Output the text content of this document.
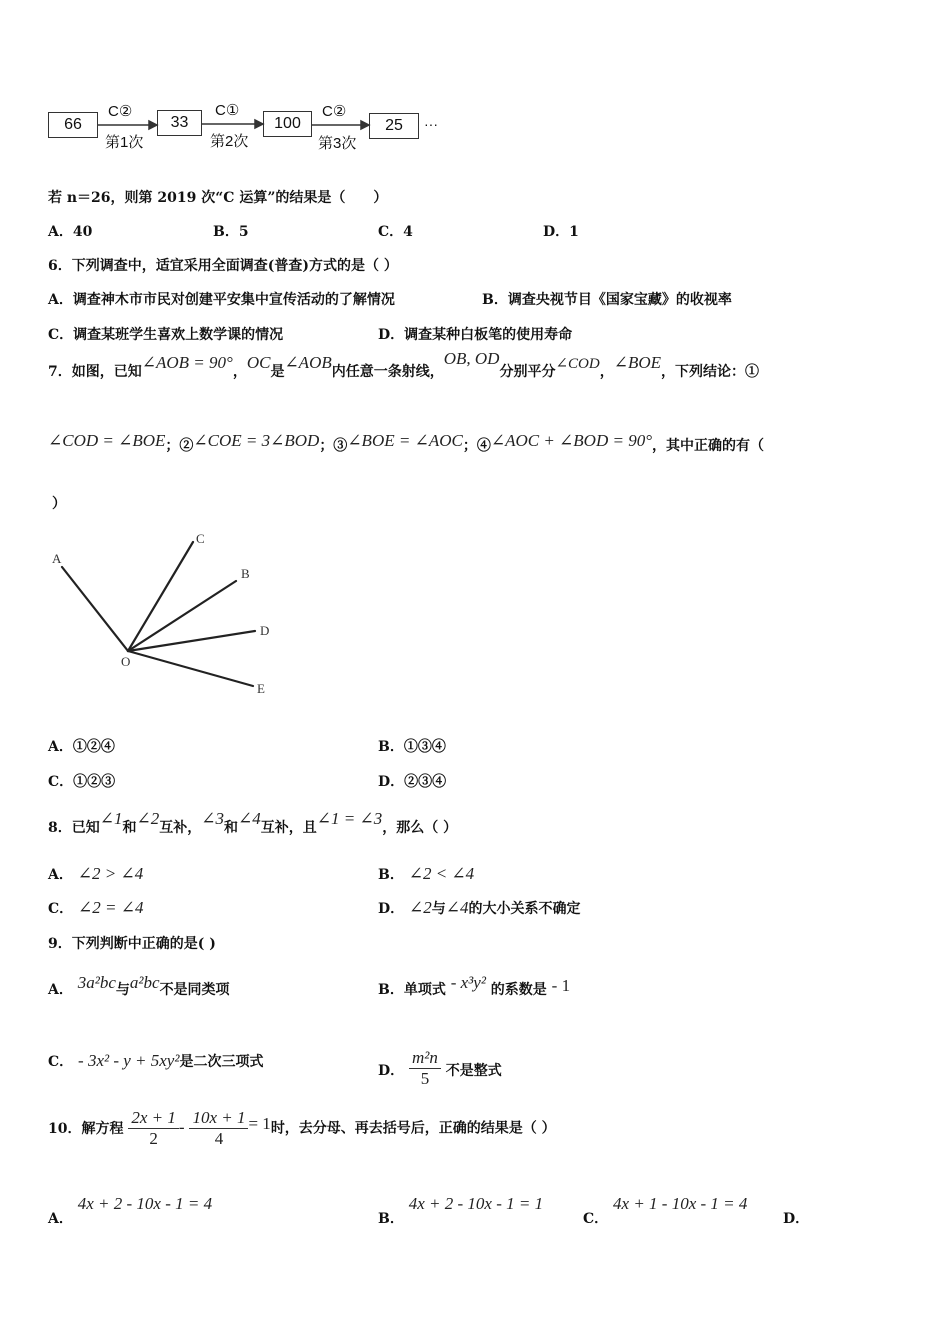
66	33	100	25
C②	C①	C②
第1次	第2次	第3次
···
若 n＝26，则第 2019 次“C 运算”的结果是（　　）
A．40	B．5	C．4	D．1
6．下列调查中，适宜采用全面调查(普查)方式的是（ ）
A．调查神木市市民对创建平安集中宣传活动的了解情况	B．调查央视节目《国家宝藏》的收视率
C．调查某班学生喜欢上数学课的情况	D．调查某种白板笔的使用寿命
7．如图，已知∠AOB = 90°，OC是∠AOB内任意一条射线，OB, OD分别平分∠COD，∠BOE，下列结论：①
∠COD = ∠BOE；②∠COE = 3∠BOD；③∠BOE = ∠AOC；④∠AOC + ∠BOD = 90°，其中正确的有（
）
A
C
B
D
E
O
A．①②④	B．①③④
C．①②③	D．②③④
8．已知∠1和∠2互补，∠3和∠4互补，且∠1 = ∠3，那么（ ）
A． ∠2 > ∠4	B． ∠2 < ∠4
C． ∠2 = ∠4	D． ∠2与∠4的大小关系不确定
9．下列判断中正确的是( )
A． 3a²bc与a²bc不是同类项	B．单项式 - x³y² 的系数是 - 1
C． - 3x² - y + 5xy²是二次三项式
D． $\frac{\text{m²n}}{5}$ 不是整式
10．解方程 $\frac{2x + 1}{2} - \frac{10x + 1}{4} = 1$时，去分母、再去括号后，正确的结果是（ ）
A． 4x + 2 - 10x - 1 = 4
B． 4x + 2 - 10x - 1 = 1
C． 4x + 1 - 10x - 1 = 4
D．
